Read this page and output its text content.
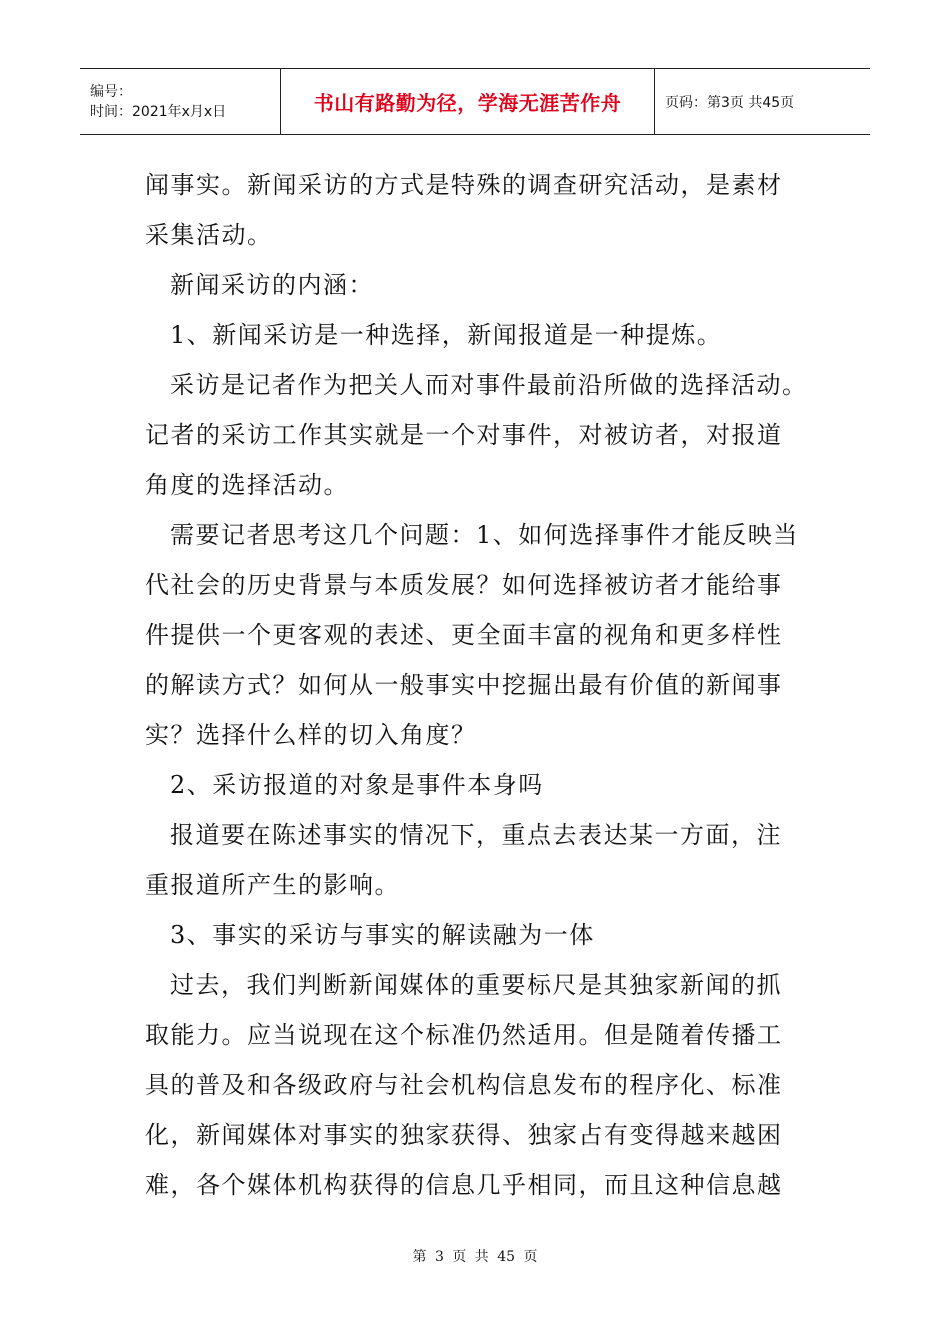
编号：
时间：2021年x月x日	书山有路勤为径，学海无涯苦作舟	页码：第3页 共45页
闻事实。新闻采访的方式是特殊的调查研究活动，是素材
采集活动。
新闻采访的内涵：
1、新闻采访是一种选择，新闻报道是一种提炼。
采访是记者作为把关人而对事件最前沿所做的选择活动。
记者的采访工作其实就是一个对事件，对被访者，对报道
角度的选择活动。
需要记者思考这几个问题：1、如何选择事件才能反映当
代社会的历史背景与本质发展？如何选择被访者才能给事
件提供一个更客观的表述、更全面丰富的视角和更多样性
的解读方式？如何从一般事实中挖掘出最有价值的新闻事
实？选择什么样的切入角度？
2、采访报道的对象是事件本身吗
报道要在陈述事实的情况下，重点去表达某一方面，注
重报道所产生的影响。
3、事实的采访与事实的解读融为一体
过去，我们判断新闻媒体的重要标尺是其独家新闻的抓
取能力。应当说现在这个标准仍然适用。但是随着传播工
具的普及和各级政府与社会机构信息发布的程序化、标准
化，新闻媒体对事实的独家获得、独家占有变得越来越困
难，各个媒体机构获得的信息几乎相同，而且这种信息越
第 3 页 共 45 页
